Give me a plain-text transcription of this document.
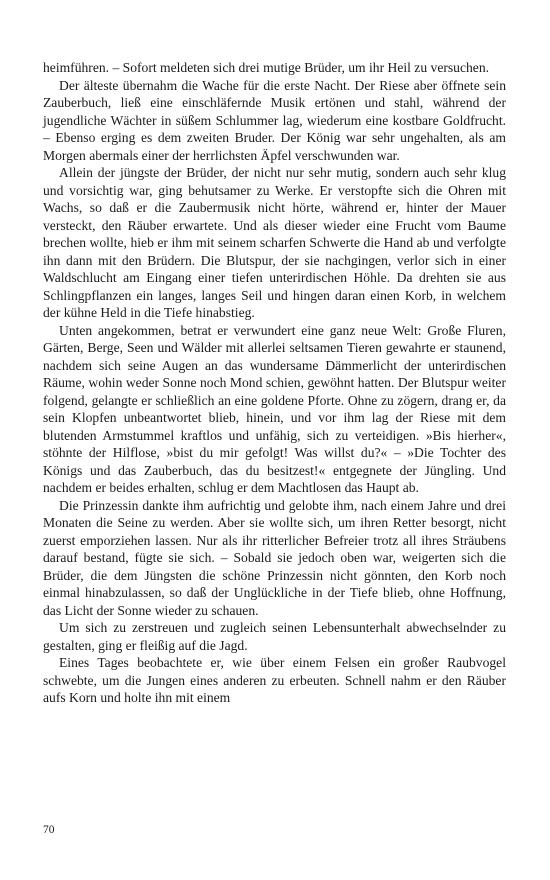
heimführen. – Sofort meldeten sich drei mutige Brüder, um ihr Heil zu versuchen.

Der älteste übernahm die Wache für die erste Nacht. Der Riese aber öffnete sein Zauberbuch, ließ eine einschläfernde Musik ertönen und stahl, während der jugendliche Wächter in süßem Schlummer lag, wiederum eine kostbare Goldfrucht. – Ebenso erging es dem zweiten Bruder. Der König war sehr ungehalten, als am Morgen abermals einer der herrlichsten Äpfel verschwunden war.

Allein der jüngste der Brüder, der nicht nur sehr mutig, sondern auch sehr klug und vorsichtig war, ging behutsamer zu Werke. Er verstopfte sich die Ohren mit Wachs, so daß er die Zaubermusik nicht hörte, während er, hinter der Mauer versteckt, den Räuber erwartete. Und als dieser wieder eine Frucht vom Baume brechen wollte, hieb er ihm mit seinem scharfen Schwerte die Hand ab und verfolgte ihn dann mit den Brüdern. Die Blutspur, der sie nachgingen, verlor sich in einer Waldschlucht am Eingang einer tiefen unterirdischen Höhle. Da drehten sie aus Schlingpflanzen ein langes, langes Seil und hingen daran einen Korb, in welchem der kühne Held in die Tiefe hinabstieg.

Unten angekommen, betrat er verwundert eine ganz neue Welt: Große Fluren, Gärten, Berge, Seen und Wälder mit allerlei seltsamen Tieren gewahrte er staunend, nachdem sich seine Augen an das wundersame Dämmerlicht der unterirdischen Räume, wohin weder Sonne noch Mond schien, gewöhnt hatten. Der Blutspur weiter folgend, gelangte er schließlich an eine goldene Pforte. Ohne zu zögern, drang er, da sein Klopfen unbeantwortet blieb, hinein, und vor ihm lag der Riese mit dem blutenden Armstummel kraftlos und unfähig, sich zu verteidigen. »Bis hierher«, stöhnte der Hilflose, »bist du mir gefolgt! Was willst du?« – »Die Tochter des Königs und das Zauberbuch, das du besitzest!« entgegnete der Jüngling. Und nachdem er beides erhalten, schlug er dem Machtlosen das Haupt ab.

Die Prinzessin dankte ihm aufrichtig und gelobte ihm, nach einem Jahre und drei Monaten die Seine zu werden. Aber sie wollte sich, um ihren Retter besorgt, nicht zuerst emporziehen lassen. Nur als ihr ritterlicher Befreier trotz all ihres Sträubens darauf bestand, fügte sie sich. – Sobald sie jedoch oben war, weigerten sich die Brüder, die dem Jüngsten die schöne Prinzessin nicht gönnten, den Korb noch einmal hinabzulassen, so daß der Unglückliche in der Tiefe blieb, ohne Hoffnung, das Licht der Sonne wieder zu schauen.

Um sich zu zerstreuen und zugleich seinen Lebensunterhalt abwechselnder zu gestalten, ging er fleißig auf die Jagd.

Eines Tages beobachtete er, wie über einem Felsen ein großer Raubvogel schwebte, um die Jungen eines anderen zu erbeuten. Schnell nahm er den Räuber aufs Korn und holte ihn mit einem

70
